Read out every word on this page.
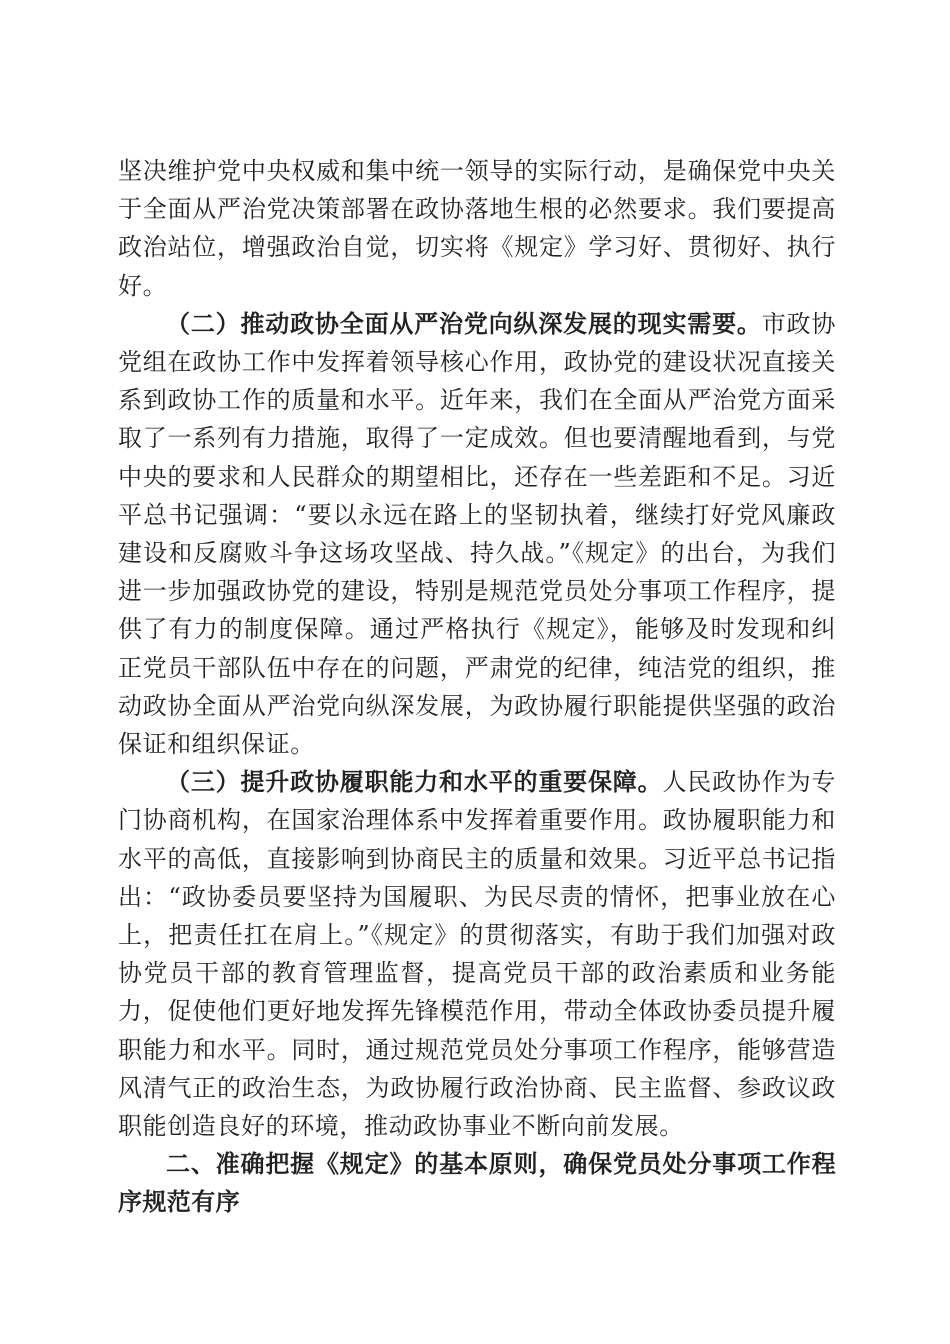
坚决维护党中央权威和集中统一领导的实际行动，是确保党中央关于全面从严治党决策部署在政协落地生根的必然要求。我们要提高政治站位，增强政治自觉，切实将《规定》学习好、贯彻好、执行好。

（二）推动政协全面从严治党向纵深发展的现实需要。市政协党组在政协工作中发挥着领导核心作用，政协党的建设状况直接关系到政协工作的质量和水平。近年来，我们在全面从严治党方面采取了一系列有力措施，取得了一定成效。但也要清醒地看到，与党中央的要求和人民群众的期望相比，还存在一些差距和不足。习近平总书记强调：“要以永远在路上的坚韧执着，继续打好党风廉政建设和反腐败斗争这场攻坚战、持久战。”《规定》的出台，为我们进一步加强政协党的建设，特别是规范党员处分事项工作程序，提供了有力的制度保障。通过严格执行《规定》，能够及时发现和纠正党员干部队伍中存在的问题，严肃党的纪律，纯洁党的组织，推动政协全面从严治党向纵深发展，为政协履行职能提供坚强的政治保证和组织保证。

（三）提升政协履职能力和水平的重要保障。人民政协作为专门协商机构，在国家治理体系中发挥着重要作用。政协履职能力和水平的高低，直接影响到协商民主的质量和效果。习近平总书记指出：“政协委员要坚持为国履职、为民尽责的情怀，把事业放在心上，把责任扛在肩上。”《规定》的贯彻落实，有助于我们加强对政协党员干部的教育管理监督，提高党员干部的政治素质和业务能力，促使他们更好地发挥先锋模范作用，带动全体政协委员提升履职能力和水平。同时，通过规范党员处分事项工作程序，能够营造风清气正的政治生态，为政协履行政治协商、民主监督、参政议政职能创造良好的环境，推动政协事业不断向前发展。

二、准确把握《规定》的基本原则，确保党员处分事项工作程序规范有序
